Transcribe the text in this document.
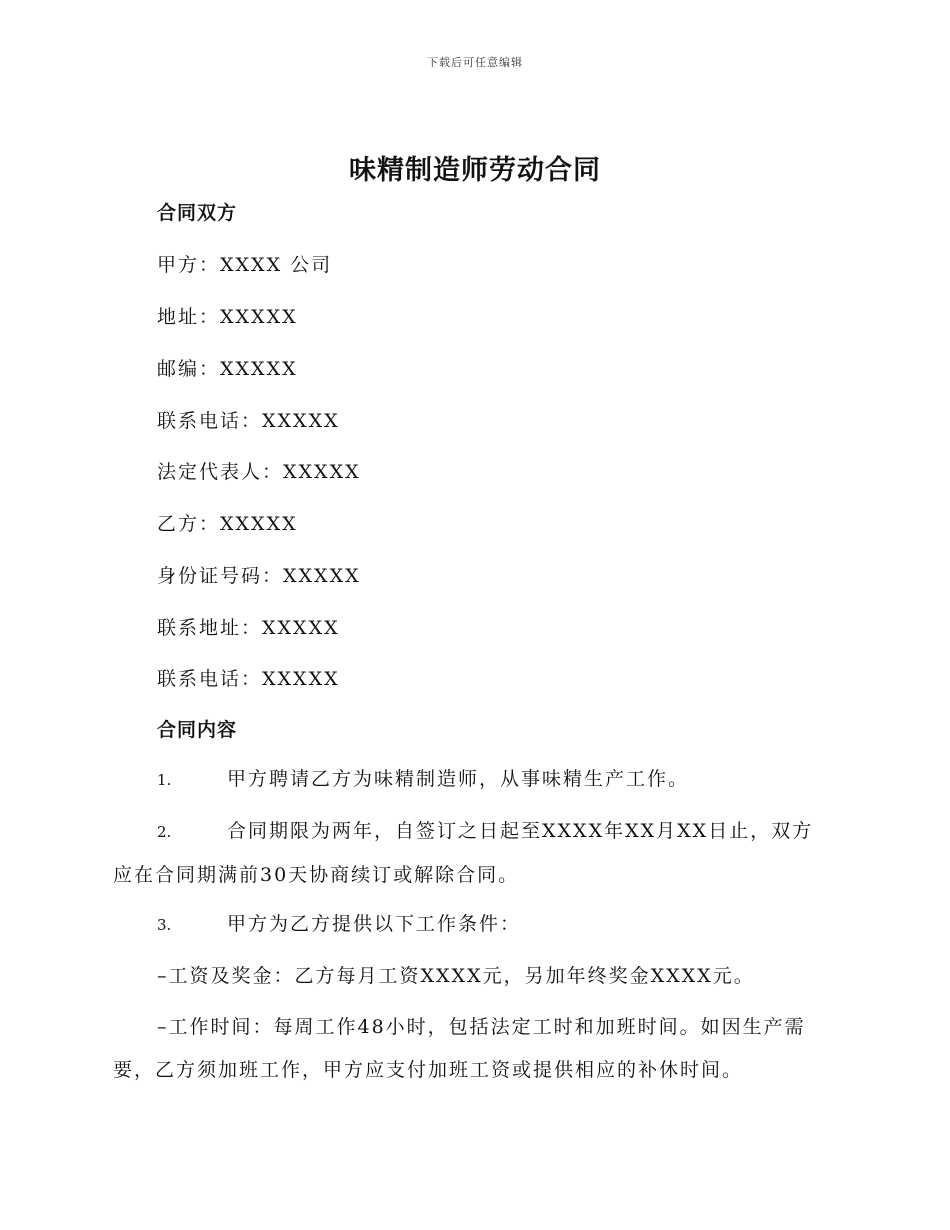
下载后可任意编辑
味精制造师劳动合同
合同双方
甲方：XXXX 公司
地址：XXXXX
邮编：XXXXX
联系电话：XXXXX
法定代表人：XXXXX
乙方：XXXXX
身份证号码：XXXXX
联系地址：XXXXX
联系电话：XXXXX
合同内容
1.	甲方聘请乙方为味精制造师，从事味精生产工作。
2.	合同期限为两年，自签订之日起至XXXX年XX月XX日止，双方应在合同期满前30天协商续订或解除合同。
3.	甲方为乙方提供以下工作条件：
–工资及奖金：乙方每月工资XXXX元，另加年终奖金XXXX元。
–工作时间：每周工作48小时，包括法定工时和加班时间。如因生产需要，乙方须加班工作，甲方应支付加班工资或提供相应的补休时间。
